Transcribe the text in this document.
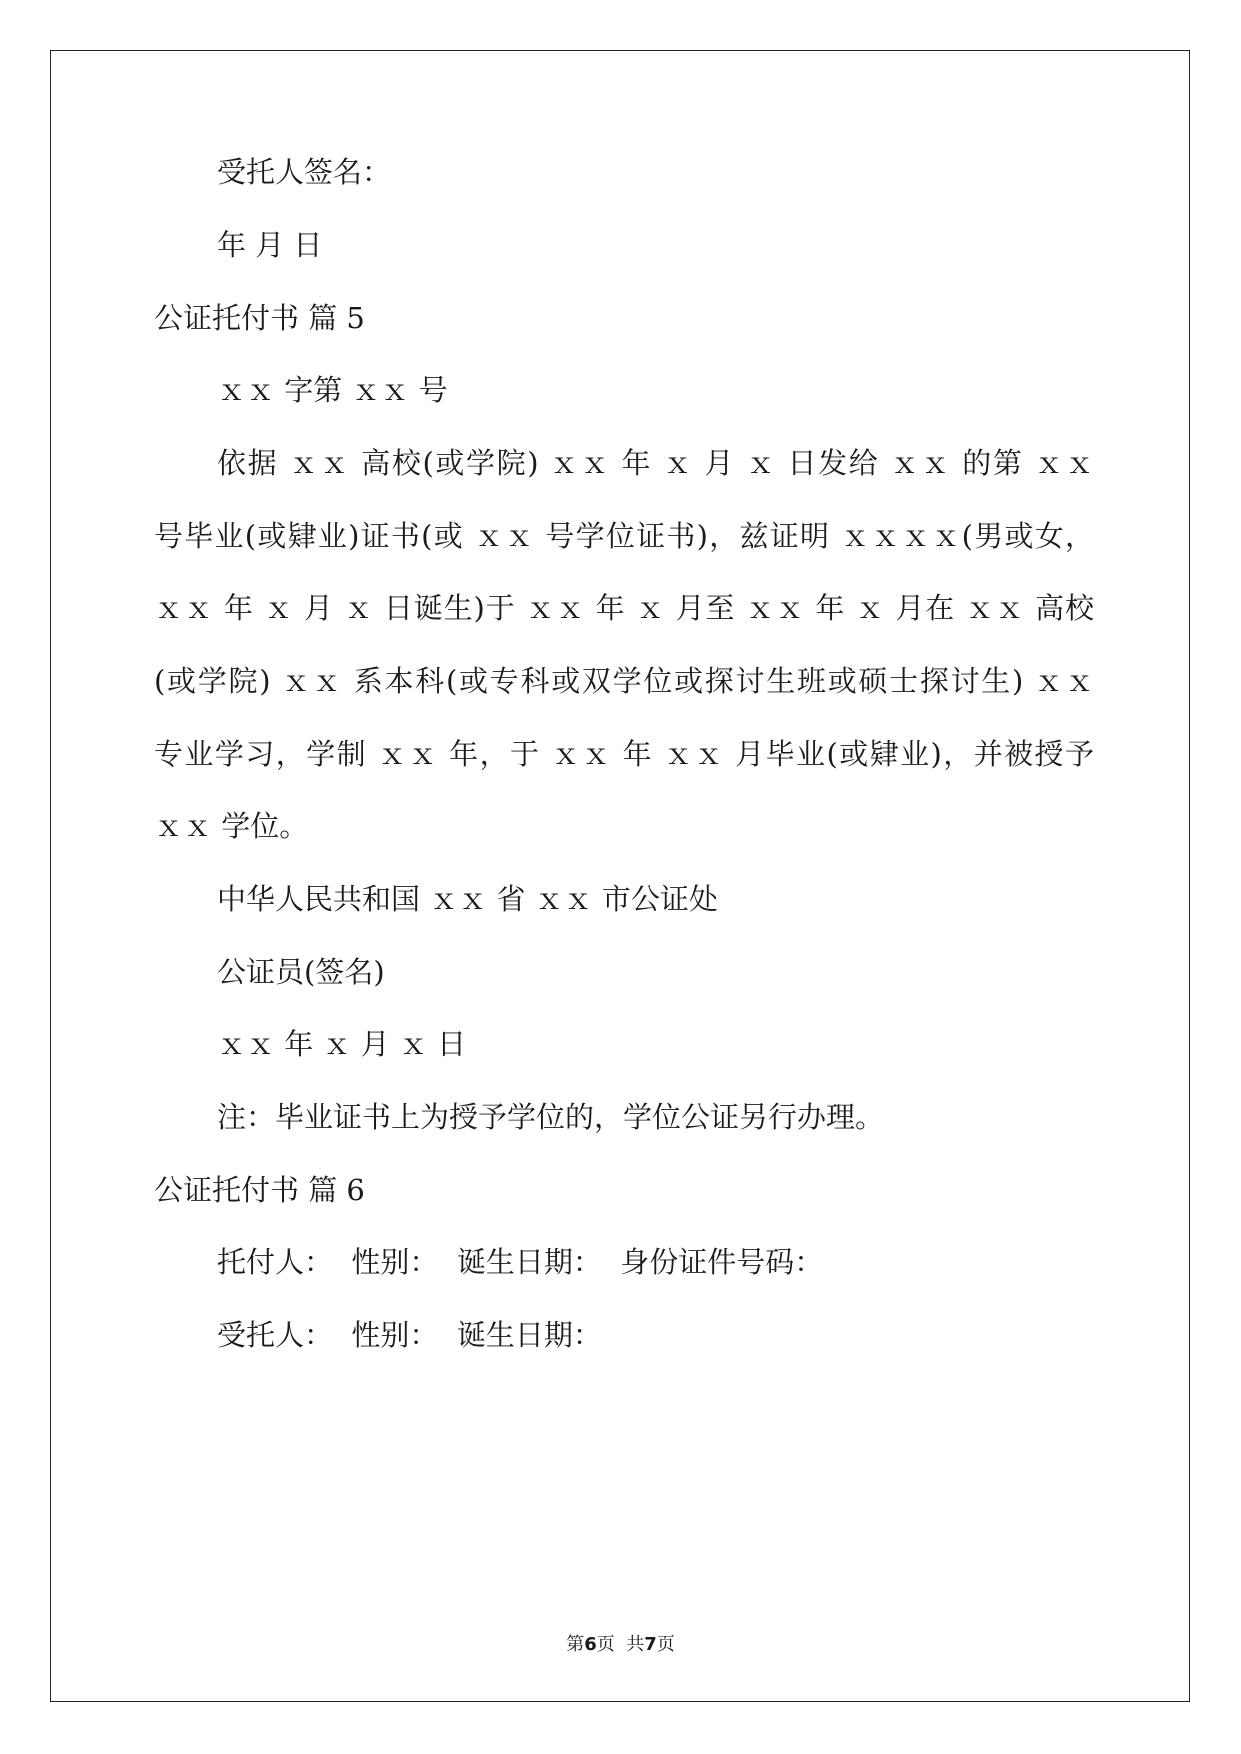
受托人签名：
年 月 日
公证托付书 篇 5
ｘｘ 字第 ｘｘ 号
依据 ｘｘ 高校(或学院) ｘｘ 年 ｘ 月 ｘ 日发给 ｘｘ 的第 ｘｘ
号毕业(或肄业)证书(或 ｘｘ 号学位证书)，兹证明 ｘｘｘｘ(男或女，
ｘｘ 年 ｘ 月 ｘ 日诞生)于 ｘｘ 年 ｘ 月至 ｘｘ 年 ｘ 月在 ｘｘ 高校
(或学院) ｘｘ 系本科(或专科或双学位或探讨生班或硕士探讨生) ｘｘ
专业学习，学制 ｘｘ 年，于 ｘｘ 年 ｘｘ 月毕业(或肄业)，并被授予
ｘｘ 学位。
中华人民共和国 ｘｘ 省 ｘｘ 市公证处
公证员(签名)
ｘｘ 年 ｘ 月 ｘ 日
注：毕业证书上为授予学位的，学位公证另行办理。
公证托付书 篇 6
托付人：  性别：  诞生日期：  身份证件号码：
受托人：  性别：  诞生日期：
第6页  共7页
